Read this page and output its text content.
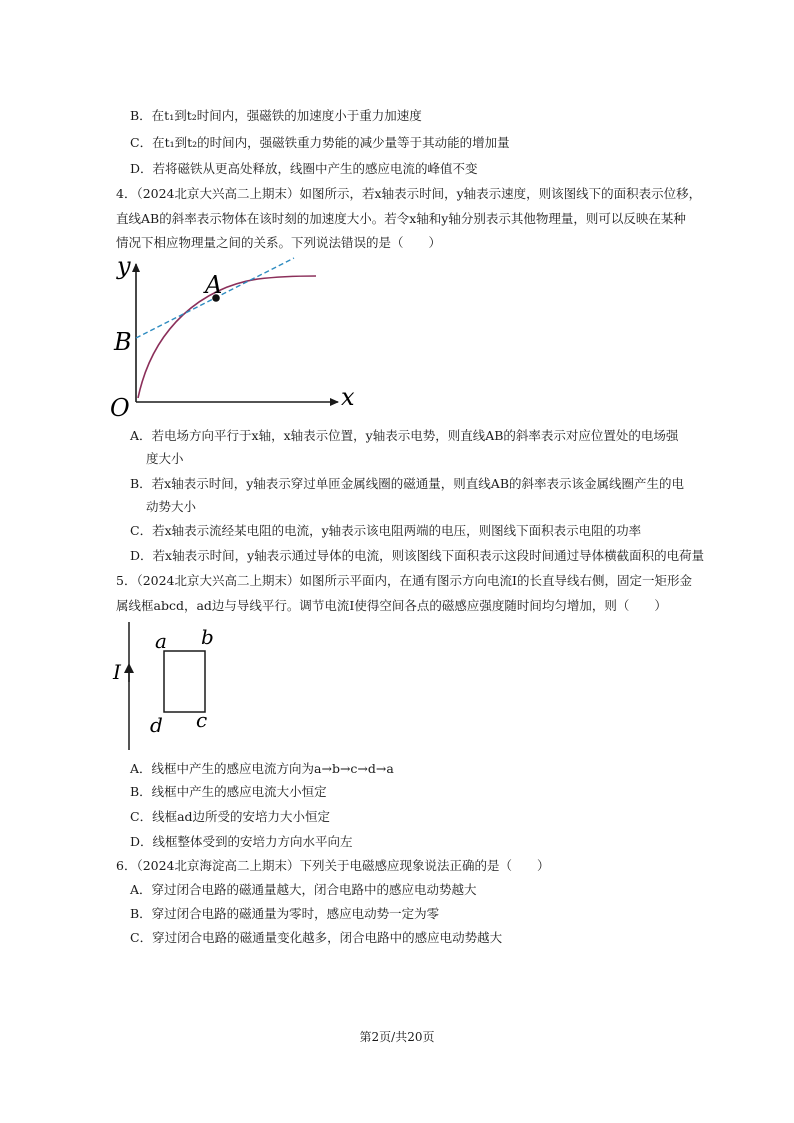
B．在t₁到t₂时间内，强磁铁的加速度小于重力加速度
C．在t₁到t₂的时间内，强磁铁重力势能的减少量等于其动能的增加量
D．若将磁铁从更高处释放，线圈中产生的感应电流的峰值不变
4．（2024北京大兴高二上期末）如图所示，若x轴表示时间，y轴表示速度，则该图线下的面积表示位移，
直线AB的斜率表示物体在该时刻的加速度大小。若令x轴和y轴分别表示其他物理量，则可以反映在某种
情况下相应物理量之间的关系。下列说法错误的是（　　）
y
x
O
A
B
A．若电场方向平行于x轴，x轴表示位置，y轴表示电势，则直线AB的斜率表示对应位置处的电场强
度大小
B．若x轴表示时间，y轴表示穿过单匝金属线圈的磁通量，则直线AB的斜率表示该金属线圈产生的电
动势大小
C．若x轴表示流经某电阻的电流，y轴表示该电阻两端的电压，则图线下面积表示电阻的功率
D．若x轴表示时间，y轴表示通过导体的电流，则该图线下面积表示这段时间通过导体横截面积的电荷量
5．（2024北京大兴高二上期末）如图所示平面内，在通有图示方向电流I的长直导线右侧，固定一矩形金
属线框abcd，ad边与导线平行。调节电流I使得空间各点的磁感应强度随时间均匀增加，则（　　）
I
a b
c
d
A．线框中产生的感应电流方向为a→b→c→d→a
B．线框中产生的感应电流大小恒定
C．线框ad边所受的安培力大小恒定
D．线框整体受到的安培力方向水平向左
6．（2024北京海淀高二上期末）下列关于电磁感应现象说法正确的是（　　）
A．穿过闭合电路的磁通量越大，闭合电路中的感应电动势越大
B．穿过闭合电路的磁通量为零时，感应电动势一定为零
C．穿过闭合电路的磁通量变化越多，闭合电路中的感应电动势越大
第2页/共20页
